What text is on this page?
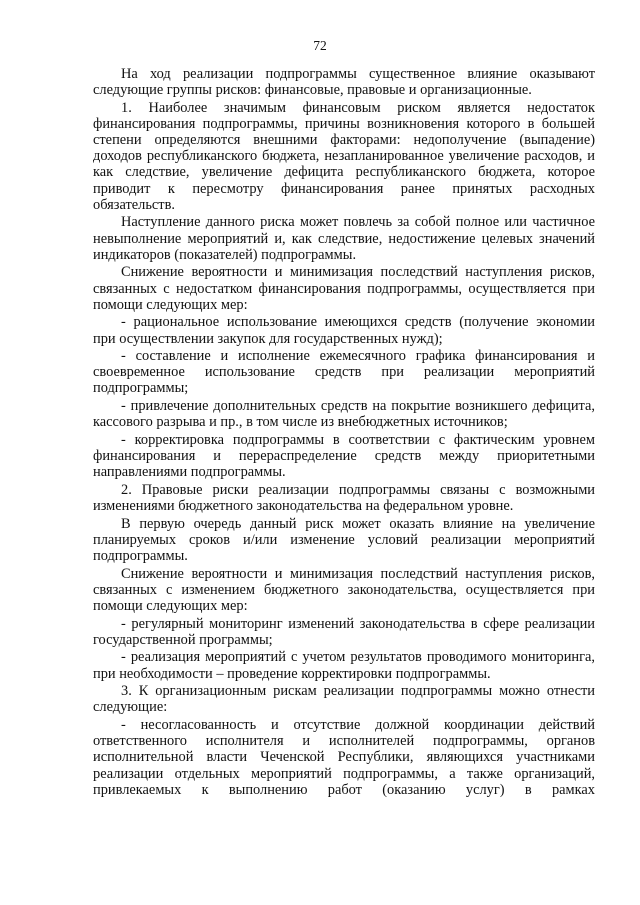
72

На ход реализации подпрограммы существенное влияние оказывают следующие группы рисков: финансовые, правовые и организационные.

1. Наиболее значимым финансовым риском является недостаток финансирования подпрограммы, причины возникновения которого в большей степени определяются внешними факторами: недополучение (выпадение) доходов республиканского бюджета, незапланированное увеличение расходов, и как следствие, увеличение дефицита республиканского бюджета, которое приводит к пересмотру финансирования ранее принятых расходных обязательств.

Наступление данного риска может повлечь за собой полное или частичное невыполнение мероприятий и, как следствие, недостижение целевых значений индикаторов (показателей) подпрограммы.

Снижение вероятности и минимизация последствий наступления рисков, связанных с недостатком финансирования подпрограммы, осуществляется при помощи следующих мер:

- рациональное использование имеющихся средств (получение экономии при осуществлении закупок для государственных нужд);

- составление и исполнение ежемесячного графика финансирования и своевременное использование средств при реализации мероприятий подпрограммы;

- привлечение дополнительных средств на покрытие возникшего дефицита, кассового разрыва и пр., в том числе из внебюджетных источников;

- корректировка подпрограммы в соответствии с фактическим уровнем финансирования и перераспределение средств между приоритетными направлениями подпрограммы.

2. Правовые риски реализации подпрограммы связаны с возможными изменениями бюджетного законодательства на федеральном уровне.

В первую очередь данный риск может оказать влияние на увеличение планируемых сроков и/или изменение условий реализации мероприятий подпрограммы.

Снижение вероятности и минимизация последствий наступления рисков, связанных с изменением бюджетного законодательства, осуществляется при помощи следующих мер:

- регулярный мониторинг изменений законодательства в сфере реализации государственной программы;

- реализация мероприятий с учетом результатов проводимого мониторинга, при необходимости – проведение корректировки подпрограммы.

3. К организационным рискам реализации подпрограммы можно отнести следующие:

- несогласованность и отсутствие должной координации действий ответственного исполнителя и исполнителей подпрограммы, органов исполнительной власти Чеченской Республики, являющихся участниками реализации отдельных мероприятий подпрограммы, а также организаций, привлекаемых к выполнению работ (оказанию услуг) в рамках
